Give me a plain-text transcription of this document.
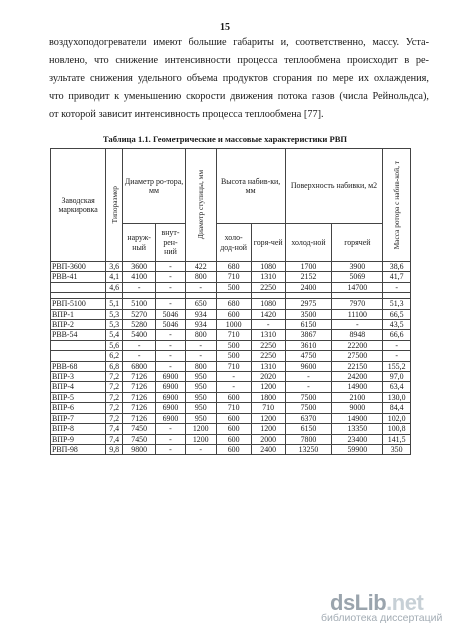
15
воздухоподогреватели имеют большие габариты и, соответственно, массу. Уста-
новлено, что снижение интенсивности процесса теплообмена происходит в ре-
зультате снижения удельного объема продуктов сгорания по мере их охлаждения,
что приводит к уменьшению скорости движения потока газов (числа Рейнольдса),
от которой зависит интенсивность процесса теплообмена [77].
Таблица 1.1. Геометрические и массовые характеристики РВП
Заводская маркировка	Типоразмер	Диаметр ро-тора, мм		Диаметр ступицы, мм	Высота набив-ки, мм		Поверхность набивки, м2		Масса ротора с набив-кой, т

		наруж-ный	внут-рен-ний		холо-дод-ной	горя-чей	холод-ной	горячей	
РВП-3600	3,6	3600	-	422	680	1080	1700	3900	38,6
РВВ-41	4,1	4100	-	800	710	1310	2152	5069	41,7
	4,6	-	-	-	500	2250	2400	14700	-

РВП-5100	5,1	5100	-	650	680	1080	2975	7970	51,3
ВПР-1	5,3	5270	5046	934	600	1420	3500	11100	66,5
ВПР-2	5,3	5280	5046	934	1000	-	6150	-	43,5
РВВ-54	5,4	5400	-	800	710	1310	3867	8948	66,6
	5,6	-	-	-	500	2250	3610	22200	-
	6,2	-	-	-	500	2250	4750	27500	-
РВВ-68	6,8	6800	-	800	710	1310	9600	22150	155,2
ВПР-3	7,2	7126	6900	950	-	2020	-	24200	97,0
ВПР-4	7,2	7126	6900	950	-	1200	-	14900	63,4
ВПР-5	7,2	7126	6900	950	600	1800	7500	2100	130,0
ВПР-6	7,2	7126	6900	950	710	710	7500	9000	84,4
ВПР-7	7,2	7126	6900	950	600	1200	6370	14900	102,0
ВПР-8	7,4	7450	-	1200	600	1200	6150	13350	100,8
ВПР-9	7,4	7450	-	1200	600	2000	7800	23400	141,5
РВП-98	9,8	9800	-	-	600	2400	13250	59900	350
dsLib.net
библиотека диссертаций
